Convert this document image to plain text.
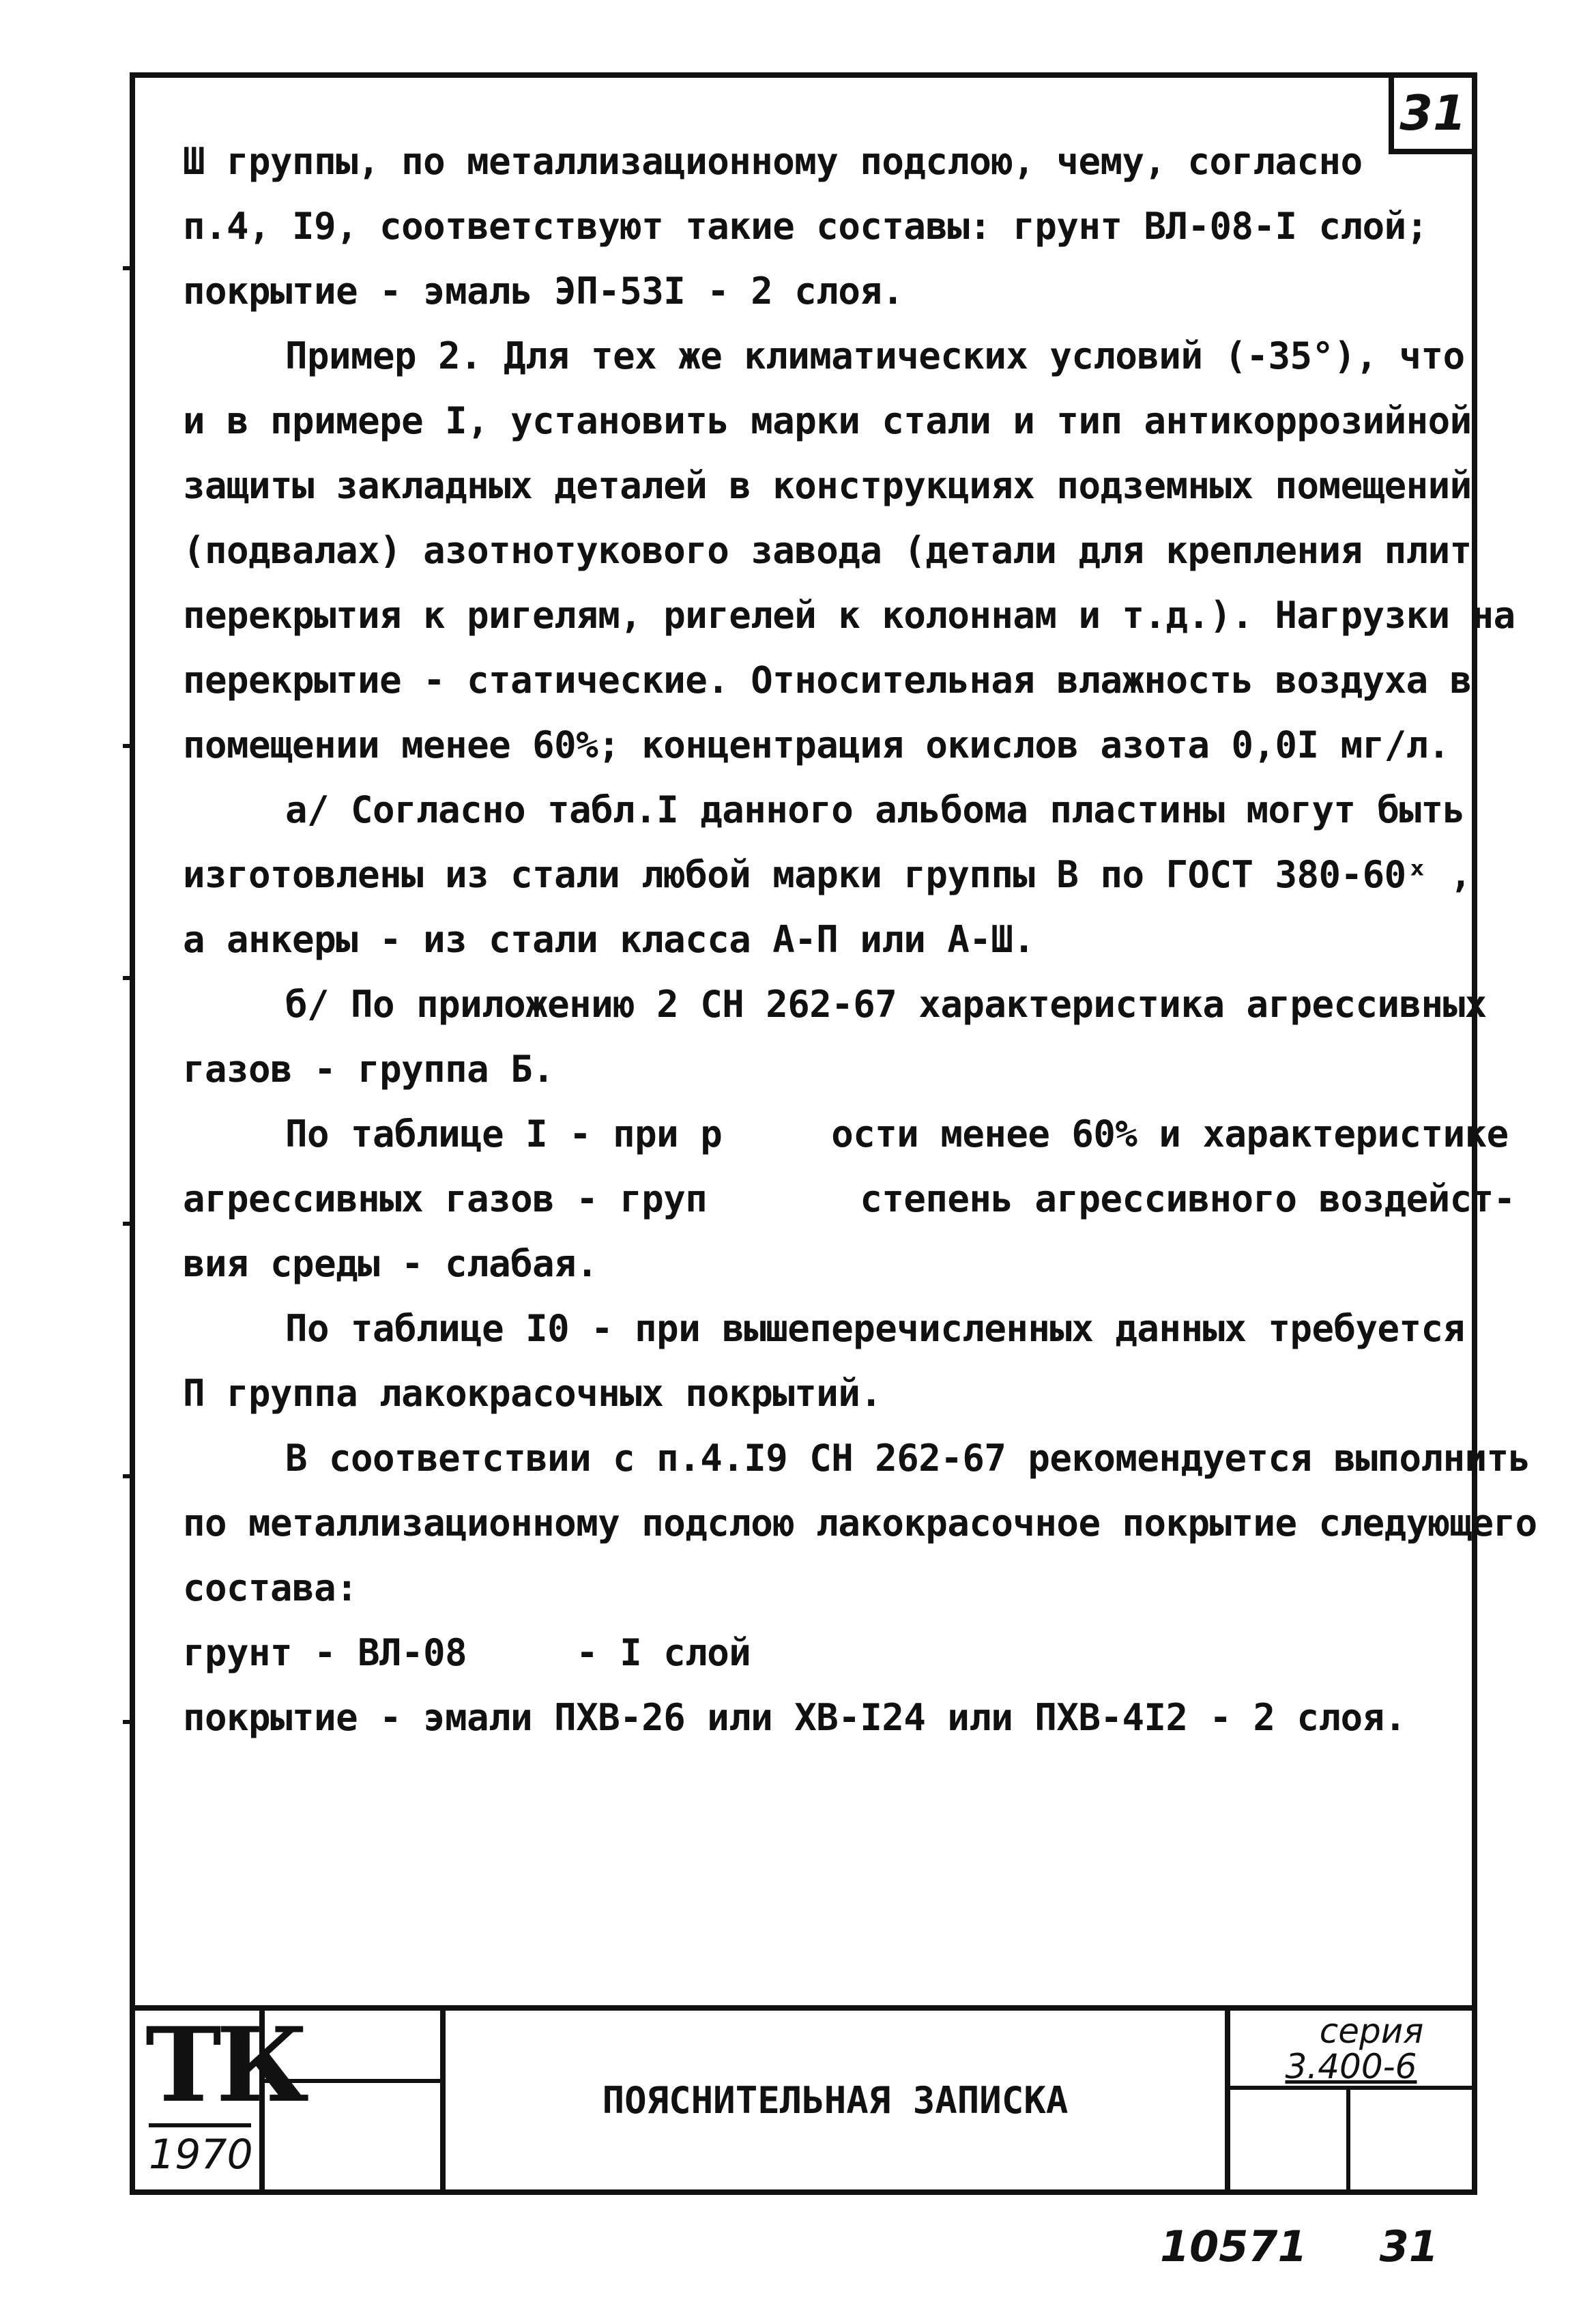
31
Ш группы, по металлизационному подслою, чему, согласно
п.4, I9, соответствуют такие составы: грунт ВЛ-08-I слой;
покрытие - эмаль ЭП-53I - 2 слоя.
Пример 2. Для тех же климатических условий (-35°), что
и в примере I, установить марки стали и тип антикоррозийной
защиты закладных деталей в конструкциях подземных помещений
(подвалах) азотнотукового завода (детали для крепления плит
перекрытия к ригелям, ригелей к колоннам и т.д.). Нагрузки на
перекрытие - статические. Относительная влажность воздуха в
помещении менее 60%; концентрация окислов азота 0,0I мг/л.
а/ Согласно табл.I данного альбома пластины могут быть
изготовлены из стали любой марки группы В по ГОСТ 380-60ˣ ,
а анкеры - из стали класса А-П или А-Ш.
б/ По приложению 2 СН 262-67 характеристика агрессивных
газов - группа Б.
По таблице I - при р     ости менее 60% и характеристике
агрессивных газов - груп       степень агрессивного воздейст-
вия среды - слабая.
По таблице I0 - при вышеперечисленных данных требуется
П группа лакокрасочных покрытий.
В соответствии с п.4.I9 СН 262-67 рекомендуется выполнить
по металлизационному подслою лакокрасочное покрытие следующего
состава:
грунт - ВЛ-08     - I слой
покрытие - эмали ПХВ-26 или ХВ-I24 или ПХВ-4I2 - 2 слоя.
ТК
1970
ПОЯСНИТЕЛЬНАЯ ЗАПИСКА
серия
3.400-6
10571 31
